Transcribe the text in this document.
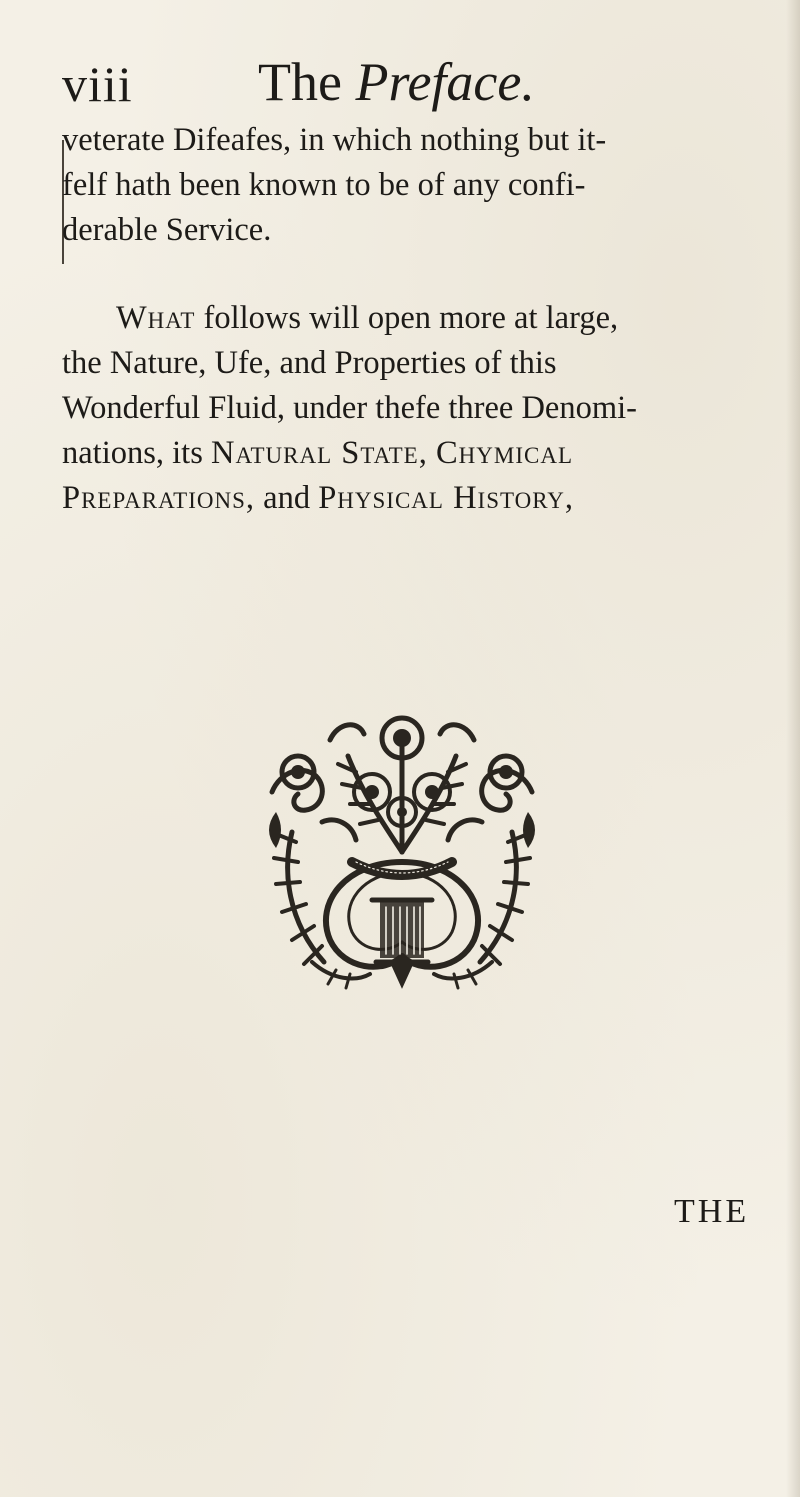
viii The Preface.
veterate Difeafes, in which nothing but it-
felf hath been known to be of any confi-
derable Service.
What follows will open more at large,
the Nature, Ufe, and Properties of this
Wonderful Fluid, under thefe three Denomi-
nations, its Natural State, Chymical
Preparations, and Physical History,
THE
